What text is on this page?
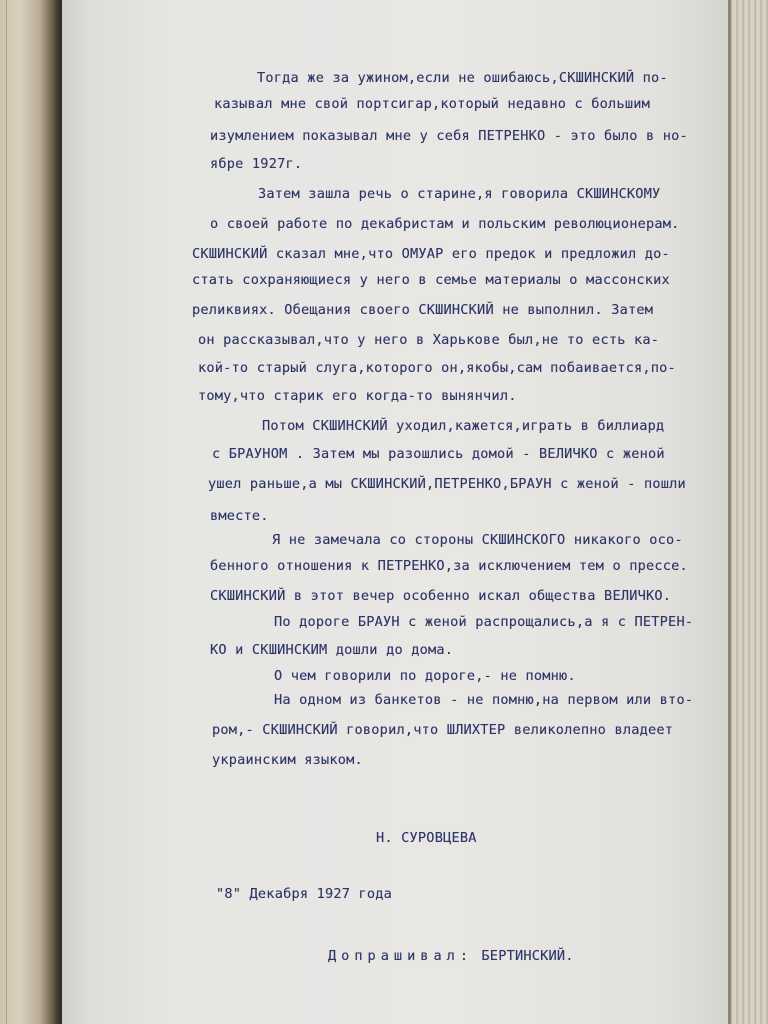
Тогда же за ужином,если не ошибаюсь,СКШИНСКИЙ по-
казывал мне свой портсигар,который недавно с большим
изумлением показывал мне у себя ПЕТРЕНКО - это было в но-
ябре 1927г.
Затем зашла речь о старине,я говорила СКШИНСКОМУ
о своей работе по декабристам и польским революционерам.
СКШИНСКИЙ сказал мне,что ОМУАР его предок и предложил до-
стать сохраняющиеся у него в семье материалы о массонских
реликвиях. Обещания своего СКШИНСКИЙ не выполнил. Затем
он рассказывал,что у него в Харькове был,не то есть ка-
кой-то старый слуга,которого он,якобы,сам побаивается,по-
тому,что старик его когда-то вынянчил.
Потом СКШИНСКИЙ уходил,кажется,играть в биллиард
с БРАУНОМ . Затем мы разошлись домой - ВЕЛИЧКО с женой
ушел раньше,а мы СКШИНСКИЙ,ПЕТРЕНКО,БРАУН с женой - пошли
вместе.
Я не замечала со стороны СКШИНСКОГО никакого осо-
бенного отношения к ПЕТРЕНКО,за исключением тем о прессе.
СКШИНСКИЙ в этот вечер особенно искал общества ВЕЛИЧКО.
По дороге БРАУН с женой распрощались,а я с ПЕТРЕН-
КО и СКШИНСКИМ дошли до дома.
О чем говорили по дороге,- не помню.
На одном из банкетов - не помню,на первом или вто-
ром,- СКШИНСКИЙ говорил,что ШЛИХТЕР великолепно владеет
украинским языком.
Н. СУРОВЦЕВА
"8" Декабря 1927 года
Допрашивал: БЕРТИНСКИЙ.
